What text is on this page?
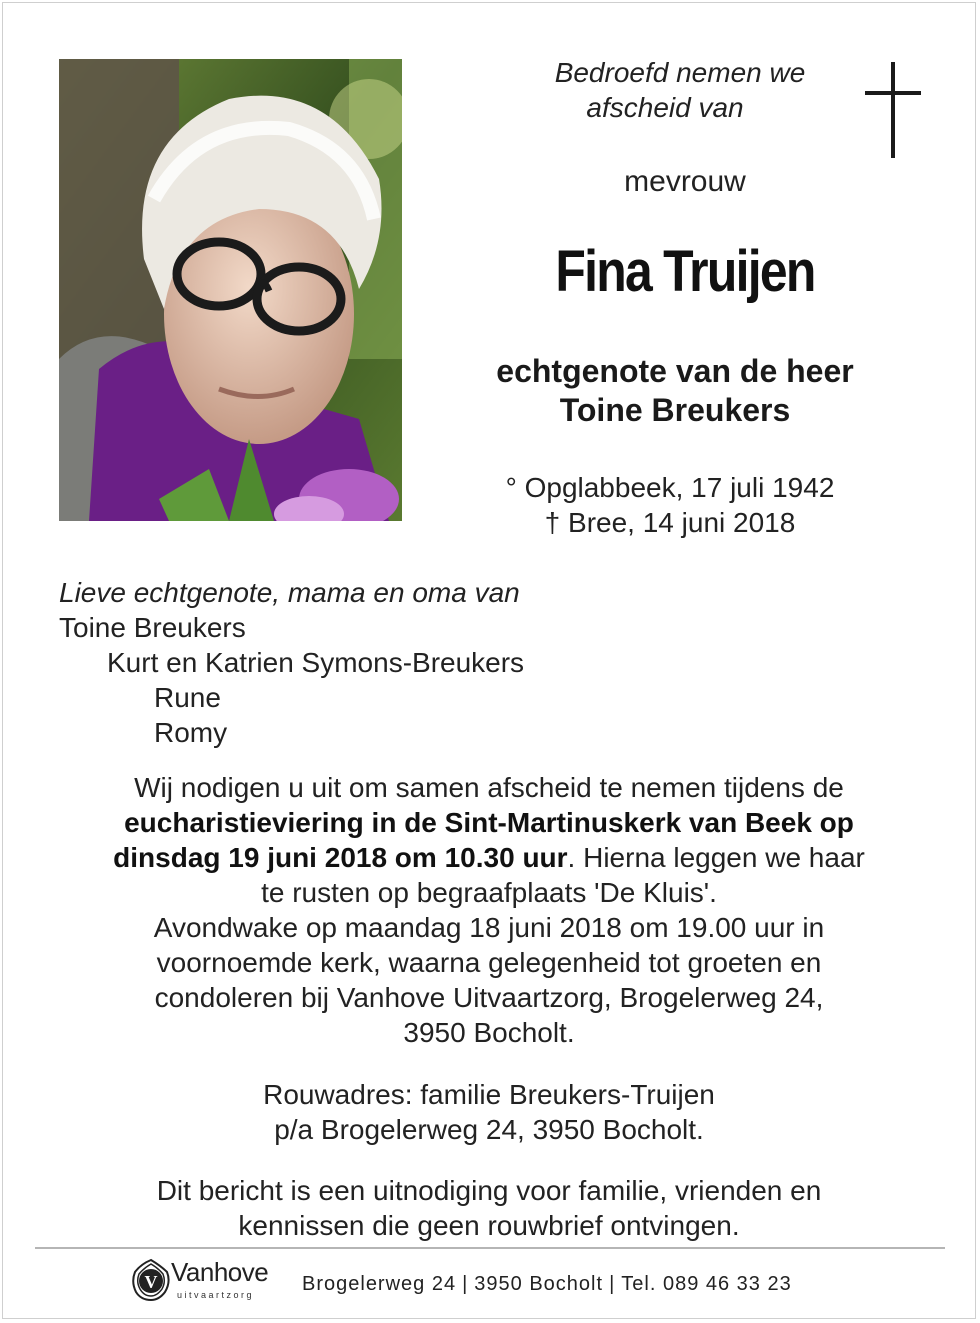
Bedroefd nemen we

afscheid van
mevrouw
Fina Truijen
echtgenote van de heer
Toine Breukers
° Opglabbeek, 17 juli 1942
† Bree, 14 juni 2018
Lieve echtgenote, mama en oma van
Toine Breukers
Kurt en Katrien Symons-Breukers
Rune
Romy
Wij nodigen u uit om samen afscheid te nemen tijdens de
eucharistieviering in de Sint-Martinuskerk van Beek op
dinsdag 19 juni 2018 om 10.30 uur. Hierna leggen we haar
te rusten op begraafplaats 'De Kluis'.
Avondwake op maandag 18 juni 2018 om 19.00 uur in
voornoemde kerk, waarna gelegenheid tot groeten en
condoleren bij Vanhove Uitvaartzorg, Brogelerweg 24,
3950 Bocholt.
Rouwadres: familie Breukers-Truijen
p/a Brogelerweg 24, 3950 Bocholt.
Dit bericht is een uitnodiging voor familie, vrienden en
kennissen die geen rouwbrief ontvingen.
V Vanhove
uitvaartzorg Brogelerweg 24 | 3950 Bocholt | Tel. 089 46 33 23
